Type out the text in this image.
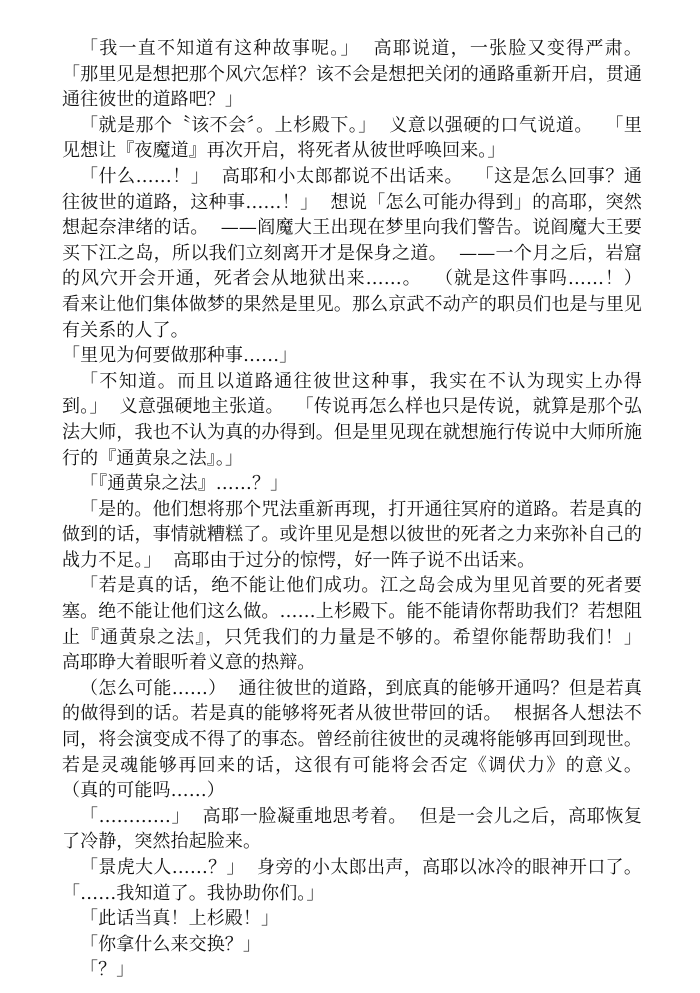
「我一直不知道有这种故事呢。」  高耶说道，一张脸又变得严肃。  「那里见是想把那个风穴怎样？该不会是想把关闭的通路重新开启，贯通通往彼世的道路吧？」

「就是那个〝该不会〞。上杉殿下。」  义意以强硬的口气说道。  「里见想让『夜魔道』再次开启，将死者从彼世呼唤回来。」

「什么……！」  高耶和小太郎都说不出话来。  「这是怎么回事？通往彼世的道路，这种事……！」  想说「怎么可能办得到」的高耶，突然想起奈津绪的话。  ——阎魔大王出现在梦里向我们警告。说阎魔大王要买下江之岛，所以我们立刻离开才是保身之道。  ——一个月之后，岩窟的风穴开会开通，死者会从地狱出来……。  （就是这件事吗……！）  看来让他们集体做梦的果然是里见。那么京武不动产的职员们也是与里见有关系的人了。

「里见为何要做那种事……」

「不知道。而且以道路通往彼世这种事，我实在不认为现实上办得到。」  义意强硬地主张道。  「传说再怎么样也只是传说，就算是那个弘法大师，我也不认为真的办得到。但是里见现在就想施行传说中大师所施行的『通黄泉之法』。」

「『通黄泉之法』……？」

「是的。他们想将那个咒法重新再现，打开通往冥府的道路。若是真的做到的话，事情就糟糕了。或许里见是想以彼世的死者之力来弥补自己的战力不足。」  高耶由于过分的惊愕，好一阵子说不出话来。

「若是真的话，绝不能让他们成功。江之岛会成为里见首要的死者要塞。绝不能让他们这么做。……上杉殿下。能不能请你帮助我们？若想阻止『通黄泉之法』，只凭我们的力量是不够的。希望你能帮助我们！」  高耶睁大着眼听着义意的热辩。

（怎么可能……）  通往彼世的道路，到底真的能够开通吗？但是若真的做得到的话。若是真的能够将死者从彼世带回的话。  根据各人想法不同，将会演变成不得了的事态。曾经前往彼世的灵魂将能够再回到现世。若是灵魂能够再回来的话，这很有可能将会否定《调伏力》的意义。  （真的可能吗……）

「…………」  高耶一脸凝重地思考着。  但是一会儿之后，高耶恢复了冷静，突然抬起脸来。

「景虎大人……？」  身旁的小太郎出声，高耶以冰冷的眼神开口了。  「……我知道了。我协助你们。」

「此话当真！上杉殿！」

「你拿什么来交换？」

「？」
